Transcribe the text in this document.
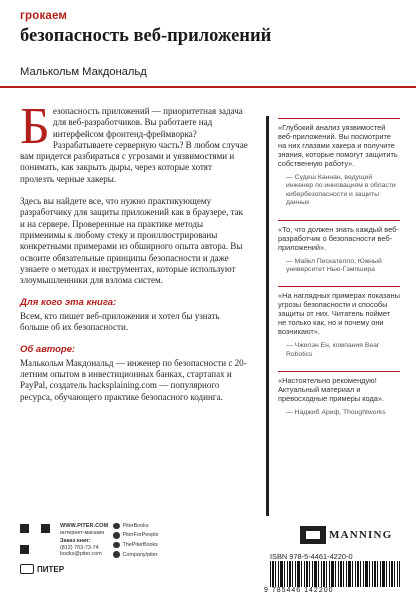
грокаем
безопасность веб-приложений
Малькольм Макдональд

Безопасность приложений — приоритетная задача для веб-разработчиков. Вы работаете над интерфейсом фронтенд-фреймворка? Разрабатываете серверную часть? В любом случае вам придется разбираться с угрозами и уязвимостями и понимать, как закрыть дыры, через которые хотят пролезть черные хакеры.

Здесь вы найдете все, что нужно практикующему разработчику для защиты приложений как в браузере, так и на сервере. Проверенные на практике методы применимы к любому стеку и проиллюстрированы конкретными примерами из обширного опыта автора. Вы освоите обязательные принципы безопасности и даже узнаете о методах и инструментах, которые используют злоумышленники для взлома систем.

Для кого эта книга:

Всем, кто пишет веб-приложения и хотел бы узнать больше об их безопасности.

Об авторе:

Малькольм Макдональд — инженер по безопасности с 20-летним опытом в инвестиционных банках, стартапах и PayPal, создатель hacksplaining.com — популярного ресурса, обучающего практике безопасного кодинга.

«Глубокий анализ уязвимостей веб-приложений. Вы посмотрите на них глазами хакера и получите знания, которые помогут защитить собственную работу».
— Судеш Каннан, ведущий инженер по инновациям в области кибербезопасности и защиты данных
«То, что должен знать каждый веб-разработчик о безопасности веб-приложений».
— Майкл Пискателло, Южный университет Нью-Гэмпшира
«На наглядных примерах показаны угрозы безопасности и способы защиты от них. Читатель поймет не только как, но и почему они возникают».
— Чжилэн Ен, компания Bear Robotics
«Настоятельно рекомендую! Актуальный материал и превосходные примеры кода».
— Наджиб Ариф, Thoughtworks
MANNING
WWW.PITER.COM
интернет-магазин
Заказ книг:
(812) 703-73-74
books@piter.com
PiterBooks
PiterForPeople
ThePiterBooks
Company/piter
ПИТЕР
ISBN 978-5-4461-4220-0
9 785446 142200
